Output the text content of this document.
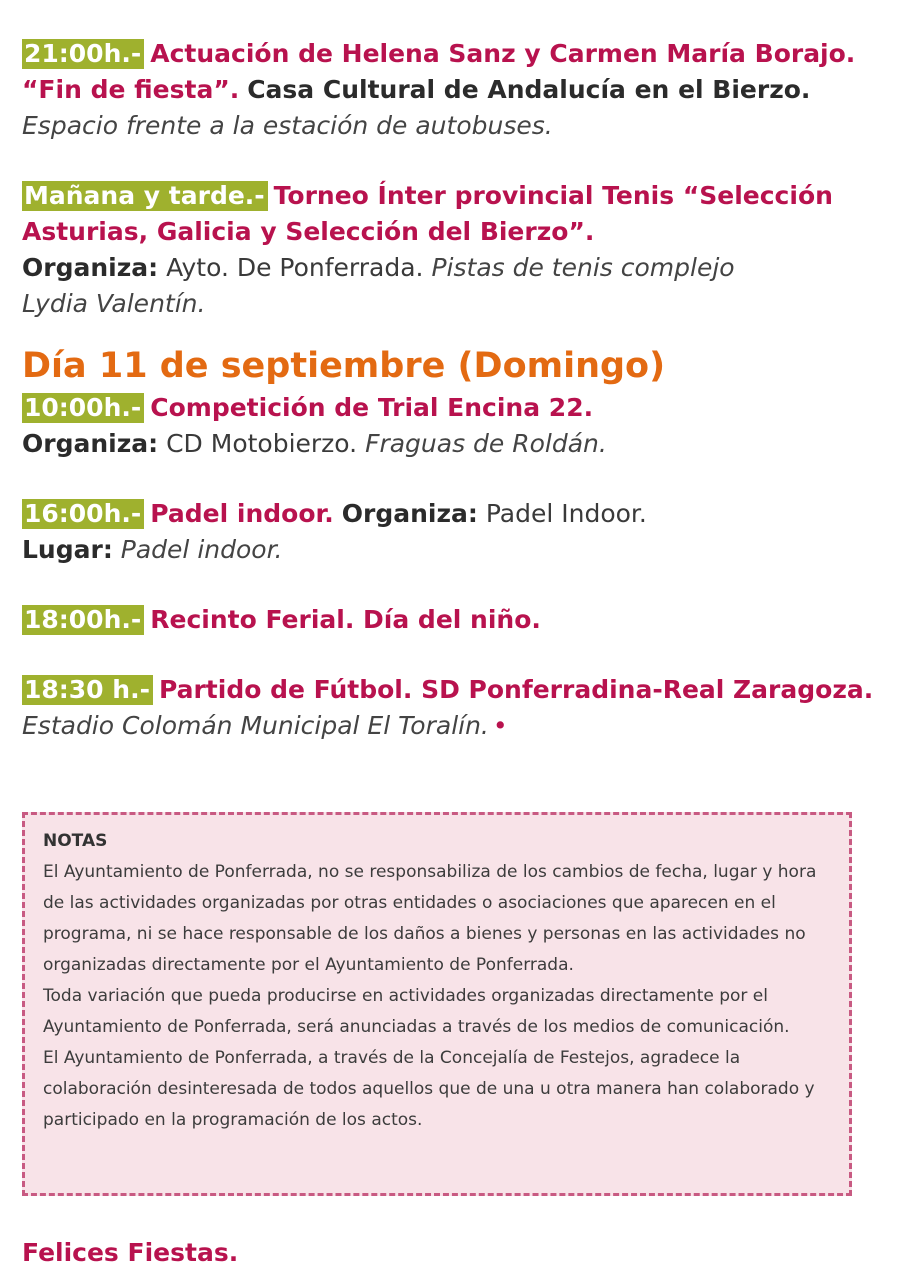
21:00h.- Actuación de Helena Sanz y Carmen María Borajo.

“Fin de fiesta”. Casa Cultural de Andalucía en el Bierzo.

Espacio frente a la estación de autobuses.

Mañana y tarde.- Torneo Ínter provincial Tenis “Selección

Asturias, Galicia y Selección del Bierzo”.

Organiza: Ayto. De Ponferrada. Pistas de tenis complejo

Lydia Valentín.

Día 11 de septiembre (Domingo)

10:00h.- Competición de Trial Encina 22.

Organiza: CD Motobierzo. Fraguas de Roldán.

16:00h.- Padel indoor. Organiza: Padel Indoor.

Lugar: Padel indoor.

18:00h.- Recinto Ferial. Día del niño.

18:30 h.- Partido de Fútbol. SD Ponferradina-Real Zaragoza.

Estadio Colomán Municipal El Toralín. •

NOTAS

El Ayuntamiento de Ponferrada, no se responsabiliza de los cambios de fecha, lugar y hora de las actividades organizadas por otras entidades o asociaciones que aparecen en el programa, ni se hace responsable de los daños a bienes y personas en las actividades no organizadas directamente por el Ayuntamiento de Ponferrada.

Toda variación que pueda producirse en actividades organizadas directamente por el Ayuntamiento de Ponferrada, será anunciadas a través de los medios de comunicación.

El Ayuntamiento de Ponferrada, a través de la Concejalía de Festejos, agradece la colaboración desinteresada de todos aquellos que de una u otra manera han colaborado y participado en la programación de los actos.

Felices Fiestas.
